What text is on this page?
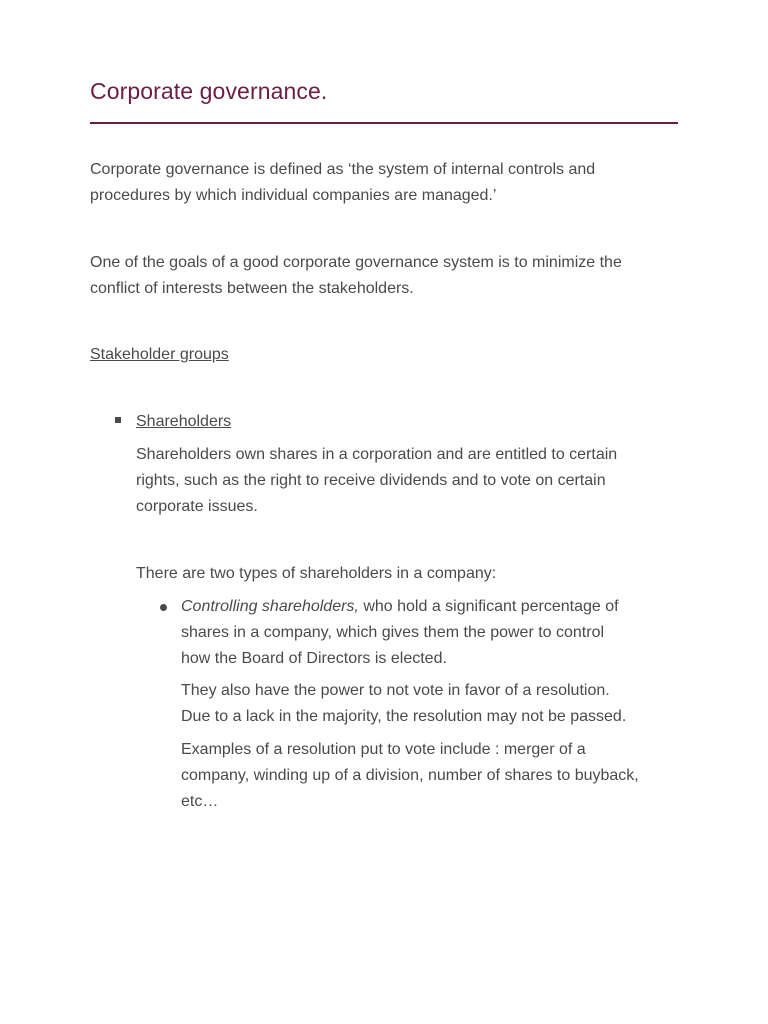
Corporate governance.
Corporate governance is defined as ‘the system of internal controls and
procedures by which individual companies are managed.’
One of the goals of a good corporate governance system is to minimize the
conflict of interests between the stakeholders.
Stakeholder groups
Shareholders
Shareholders own shares in a corporation and are entitled to certain
rights, such as the right to receive dividends and to vote on certain
corporate issues.
There are two types of shareholders in a company:
Controlling shareholders, who hold a significant percentage of
shares in a company, which gives them the power to control
how the Board of Directors is elected.
They also have the power to not vote in favor of a resolution.
Due to a lack in the majority, the resolution may not be passed.
Examples of a resolution put to vote include : merger of a
company, winding up of a division, number of shares to buyback,
etc…
